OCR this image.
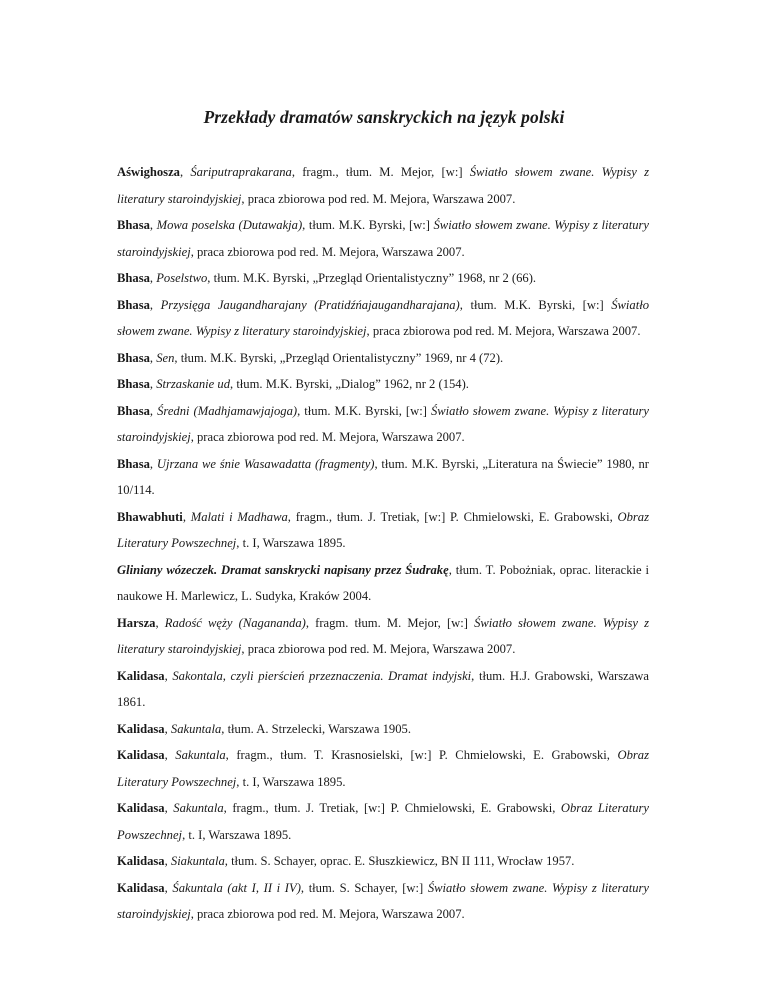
Przekłady dramatów sanskryckich na język polski

Aświghosza, Śariputraprakarana, fragm., tłum. M. Mejor, [w:] Światło słowem zwane. Wypisy z literatury staroindyjskiej, praca zbiorowa pod red. M. Mejora, Warszawa 2007.

Bhasa, Mowa poselska (Dutawakja), tłum. M.K. Byrski, [w:] Światło słowem zwane. Wypisy z literatury staroindyjskiej, praca zbiorowa pod red. M. Mejora, Warszawa 2007.

Bhasa, Poselstwo, tłum. M.K. Byrski, „Przegląd Orientalistyczny” 1968, nr 2 (66).

Bhasa, Przysięga Jaugandharajany (Pratidźńajaugandharajana), tłum. M.K. Byrski, [w:] Światło słowem zwane. Wypisy z literatury staroindyjskiej, praca zbiorowa pod red. M. Mejora, Warszawa 2007.

Bhasa, Sen, tłum. M.K. Byrski, „Przegląd Orientalistyczny” 1969, nr 4 (72).

Bhasa, Strzaskanie ud, tłum. M.K. Byrski, „Dialog” 1962, nr 2 (154).

Bhasa, Średni (Madhjamawjajoga), tłum. M.K. Byrski, [w:] Światło słowem zwane. Wypisy z literatury staroindyjskiej, praca zbiorowa pod red. M. Mejora, Warszawa 2007.

Bhasa, Ujrzana we śnie Wasawadatta (fragmenty), tłum. M.K. Byrski, „Literatura na Świecie” 1980, nr 10/114.

Bhawabhuti, Malati i Madhawa, fragm., tłum. J. Tretiak, [w:] P. Chmielowski, E. Grabowski, Obraz Literatury Powszechnej, t. I, Warszawa 1895.

Gliniany wózeczek. Dramat sanskrycki napisany przez Śudrakę, tłum. T. Pobożniak, oprac. literackie i naukowe H. Marlewicz, L. Sudyka, Kraków 2004.

Harsza, Radość węży (Nagananda), fragm. tłum. M. Mejor, [w:] Światło słowem zwane. Wypisy z literatury staroindyjskiej, praca zbiorowa pod red. M. Mejora, Warszawa 2007.

Kalidasa, Sakontala, czyli pierścień przeznaczenia. Dramat indyjski, tłum. H.J. Grabowski, Warszawa 1861.

Kalidasa, Sakuntala, tłum. A. Strzelecki, Warszawa 1905.

Kalidasa, Sakuntala, fragm., tłum. T. Krasnosielski, [w:] P. Chmielowski, E. Grabowski, Obraz Literatury Powszechnej, t. I, Warszawa 1895.

Kalidasa, Sakuntala, fragm., tłum. J. Tretiak, [w:] P. Chmielowski, E. Grabowski, Obraz Literatury Powszechnej, t. I, Warszawa 1895.

Kalidasa, Siakuntala, tłum. S. Schayer, oprac. E. Słuszkiewicz, BN II 111, Wrocław 1957.

Kalidasa, Śakuntala (akt I, II i IV), tłum. S. Schayer, [w:] Światło słowem zwane. Wypisy z literatury staroindyjskiej, praca zbiorowa pod red. M. Mejora, Warszawa 2007.
